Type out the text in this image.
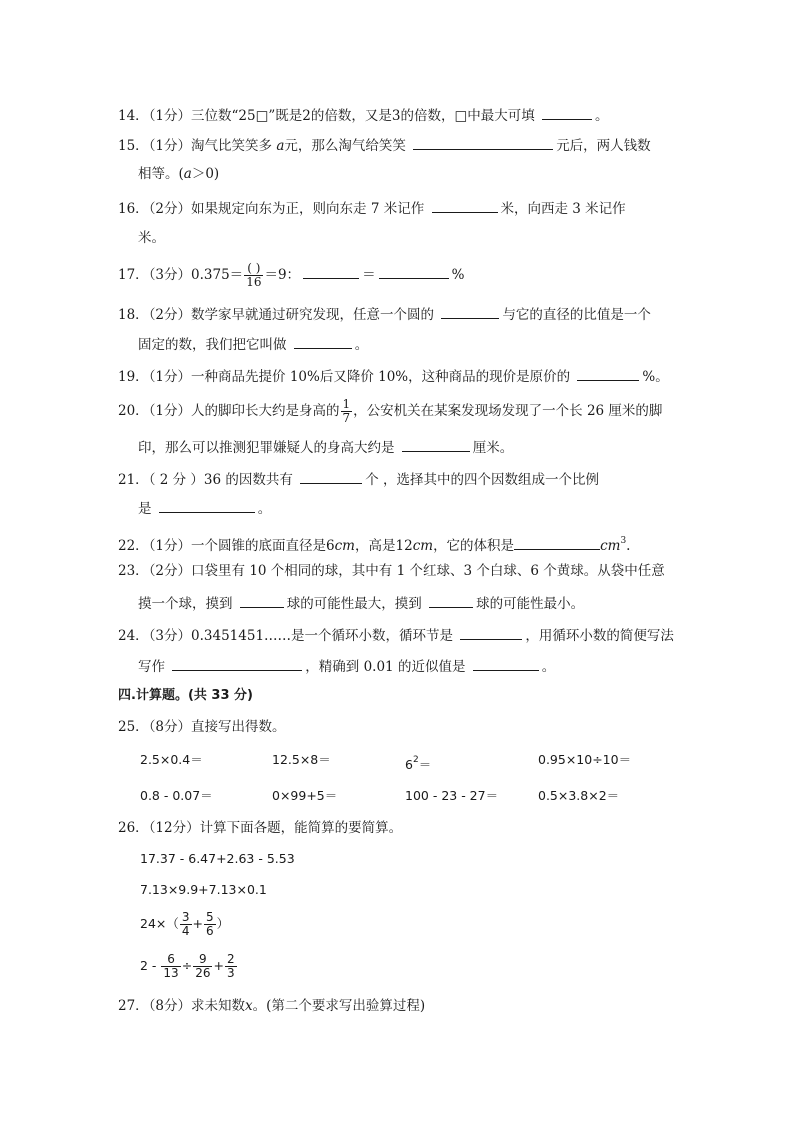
14．（1分）三位数“25□”既是2的倍数，又是3的倍数，□中最大可填	。
15．（1分）淘气比笑笑多 a元，那么淘气给笑笑	元后，两人钱数
相等。(a＞0)
16．（2分）如果规定向东为正，则向东走 7 米记作	米，向西走 3 米记作
米。
17．（3分）$0.375= \frac{( )}{16} =9$：	＝	%
18．（2分）数学家早就通过研究发现，任意一个圆的	与它的直径的比值是一个
固定的数，我们把它叫做	。
19．（1分）一种商品先提价 10%后又降价 10%，这种商品的现价是原价的	%。
20．（1分）人的脚印长大约是身高的 $\frac{1}{7}$ ，公安机关在某案发现场发现了一个长 26 厘米的脚
印，那么可以推测犯罪嫌疑人的身高大约是	厘米。
21．（ 2 分 ）36 的因数共有	个 ，选择其中的四个因数组成一个比例
是	。
22．（1分）一个圆锥的底面直径是6cm，高是12cm，它的体积是	$cm^3$.
23．（2分）口袋里有 10 个相同的球，其中有 1 个红球、3 个白球、6 个黄球。从袋中任意
摸一个球，摸到	球的可能性最大，摸到	球的可能性最小。
24．（3分）0.3451451……是一个循环小数，循环节是	，用循环小数的简便写法
写作	，精确到 0.01 的近似值是	。
四.计算题。(共 33 分)
25．（8分）直接写出得数。
2.5×0.4＝	12.5×8＝	$6^2=$	0.95×10÷10＝
0.8 - 0.07＝	0×99+5＝	100 - 23 - 27＝	0.5×3.8×2＝
26．（12分）计算下面各题，能简算的要简算。
17.37 - 6.47+2.63 - 5.53
7.13×9.9+7.13×0.1
$24\times( \frac{3}{4} + \frac{5}{6}$ ）
$2 - \frac{6}{13} \div \frac{9}{26} + \frac{2}{3}$
27．（8分）求未知数x。(第二个要求写出验算过程)
